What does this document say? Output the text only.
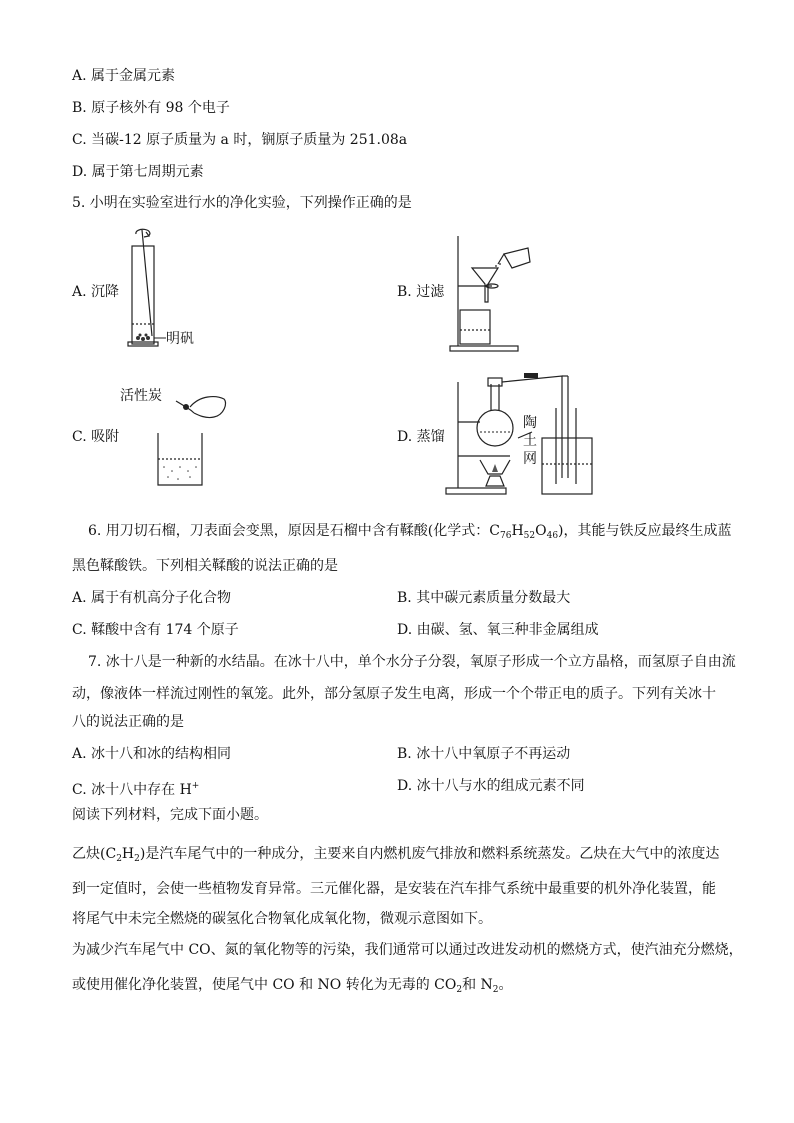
A. 属于金属元素
B. 原子核外有 98 个电子
C. 当碳-12 原子质量为 a 时，锎原子质量为 251.08a
D. 属于第七周期元素
5. 小明在实验室进行水的净化实验，下列操作正确的是
A. 沉降
明矾
B. 过滤
C. 吸附
活性炭
D. 蒸馏
陶
土
网
6. 用刀切石榴，刀表面会变黑，原因是石榴中含有鞣酸(化学式：$C_{76}H_{52}O_{46}$)，其能与铁反应最终生成蓝
黑色鞣酸铁。下列相关鞣酸的说法正确的是
A. 属于有机高分子化合物	B. 其中碳元素质量分数最大
C. 鞣酸中含有 174 个原子	D. 由碳、氢、氧三种非金属组成
7. 冰十八是一种新的水结晶。在冰十八中，单个水分子分裂，氧原子形成一个立方晶格，而氢原子自由流
动，像液体一样流过刚性的氧笼。此外，部分氢原子发生电离，形成一个个带正电的质子。下列有关冰十
八的说法正确的是
A. 冰十八和冰的结构相同	B. 冰十八中氧原子不再运动
C. 冰十八中存在 H+	D. 冰十八与水的组成元素不同
阅读下列材料，完成下面小题。
乙炔$(C_2H_2)$是汽车尾气中的一种成分，主要来自内燃机废气排放和燃料系统蒸发。乙炔在大气中的浓度达
到一定值时，会使一些植物发育异常。三元催化器，是安装在汽车排气系统中最重要的机外净化装置，能
将尾气中未完全燃烧的碳氢化合物氧化成氧化物，微观示意图如下。
为减少汽车尾气中 CO、氮的氧化物等的污染，我们通常可以通过改进发动机的燃烧方式，使汽油充分燃烧，
或使用催化净化装置，使尾气中 CO 和 NO 转化为无毒的 $CO_2$和 $N_2$。
